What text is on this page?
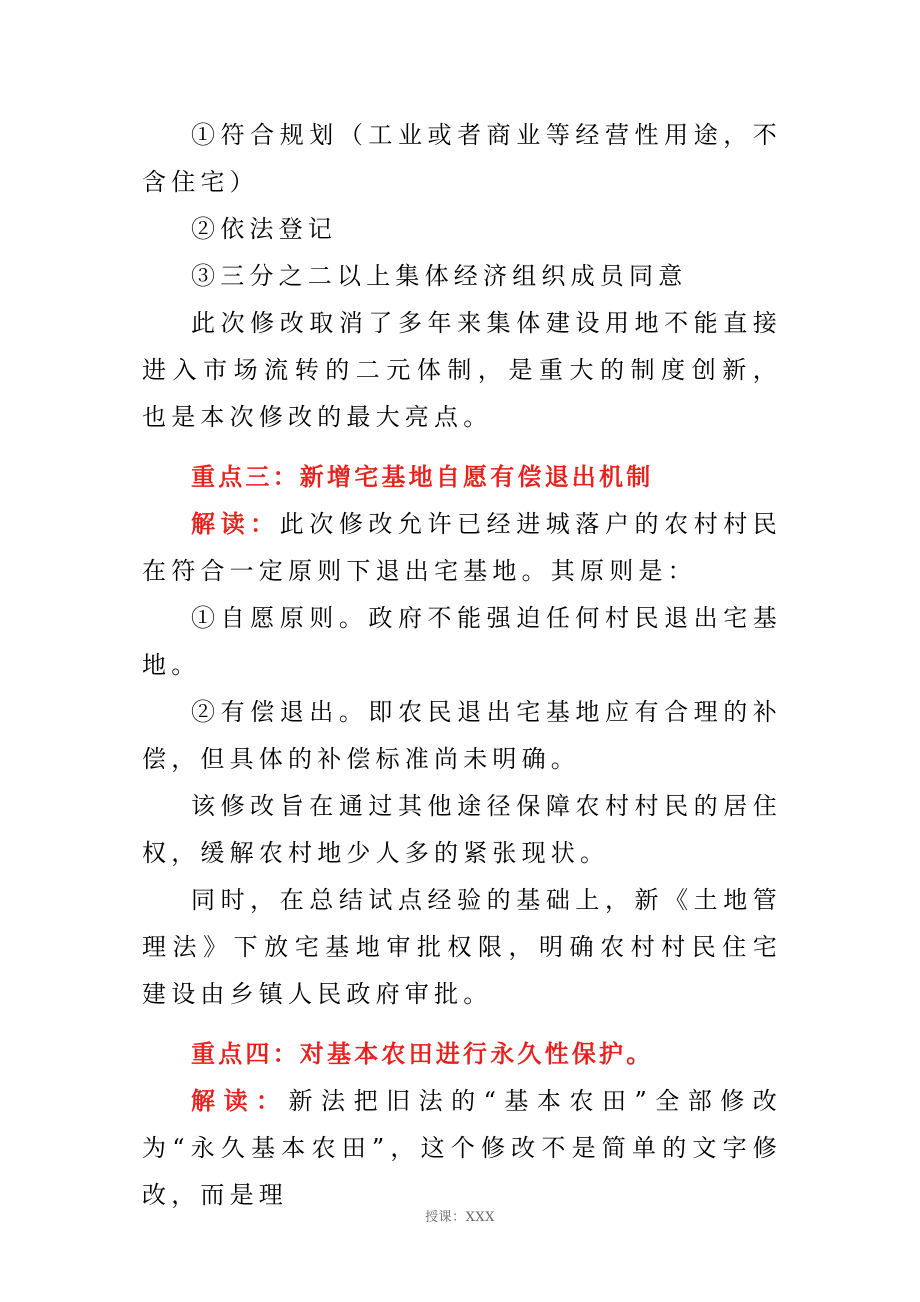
①符合规划（工业或者商业等经营性用途，不含住宅）

②依法登记

③三分之二以上集体经济组织成员同意

此次修改取消了多年来集体建设用地不能直接进入市场流转的二元体制，是重大的制度创新，也是本次修改的最大亮点。

重点三：新增宅基地自愿有偿退出机制

解读：此次修改允许已经进城落户的农村村民在符合一定原则下退出宅基地。其原则是：

①自愿原则。政府不能强迫任何村民退出宅基地。

②有偿退出。即农民退出宅基地应有合理的补偿，但具体的补偿标准尚未明确。

该修改旨在通过其他途径保障农村村民的居住权，缓解农村地少人多的紧张现状。

同时，在总结试点经验的基础上，新《土地管理法》下放宅基地审批权限，明确农村村民住宅建设由乡镇人民政府审批。

重点四：对基本农田进行永久性保护。

解读：新法把旧法的“基本农田”全部修改为“永久基本农田”，这个修改不是简单的文字修改，而是理

授课：XXX
